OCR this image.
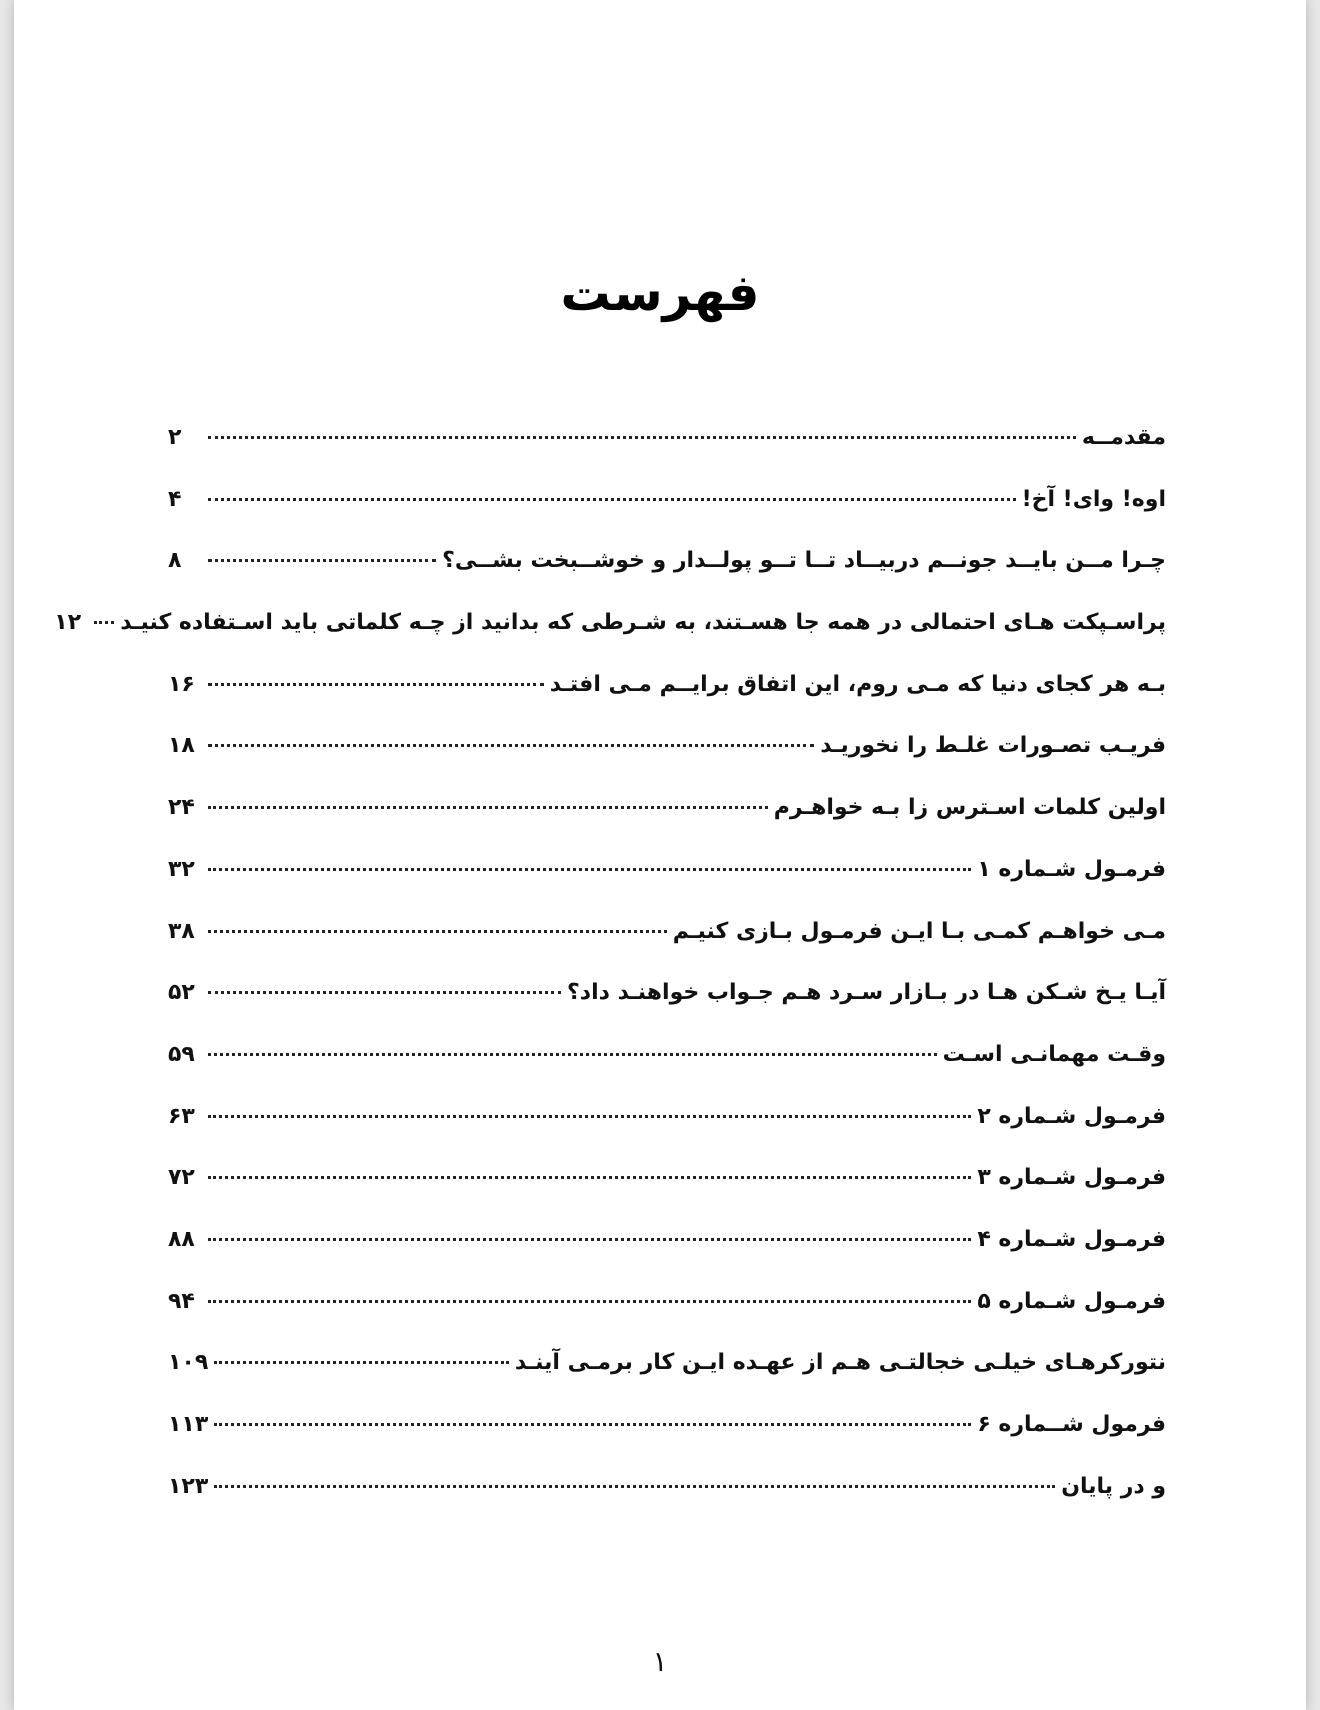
فهرست
مقدمــه
۲
اوه! وای! آخ!
۴
چـرا مــن بایــد جونــم دربیــاد تــا تــو پولــدار و خوشــبخت بشــی؟
۸
پراسـپکت هـای احتمالی در همه جا هسـتند، به شـرطی که بدانید از چـه کلماتی باید اسـتفاده کنیـد
۱۲
بـه هر کجای دنیا که مـی روم، این اتفاق برایــم مـی افتـد
۱۶
فریـب تصـورات غلـط را نخوریـد
۱۸
اولین کلمات اسـترس زا بـه خواهـرم
۲۴
فرمـول شـماره ۱
۳۲
مـی خواهـم کمـی بـا ایـن فرمـول بـازی کنیـم
۳۸
آیـا یـخ شـکن هـا در بـازار سـرد هـم جـواب خواهنـد داد؟
۵۲
وقـت مهمانـی اسـت
۵۹
فرمـول شـماره ۲
۶۳
فرمـول شـماره ۳
۷۲
فرمـول شـماره ۴
۸۸
فرمـول شـماره ۵
۹۴
نتورکرهـای خیلـی خجالتـی هـم از عهـده ایـن کار برمـی آینـد
۱۰۹
فرمول شــماره ۶
۱۱۳
و در پایان
۱۲۳
۱
